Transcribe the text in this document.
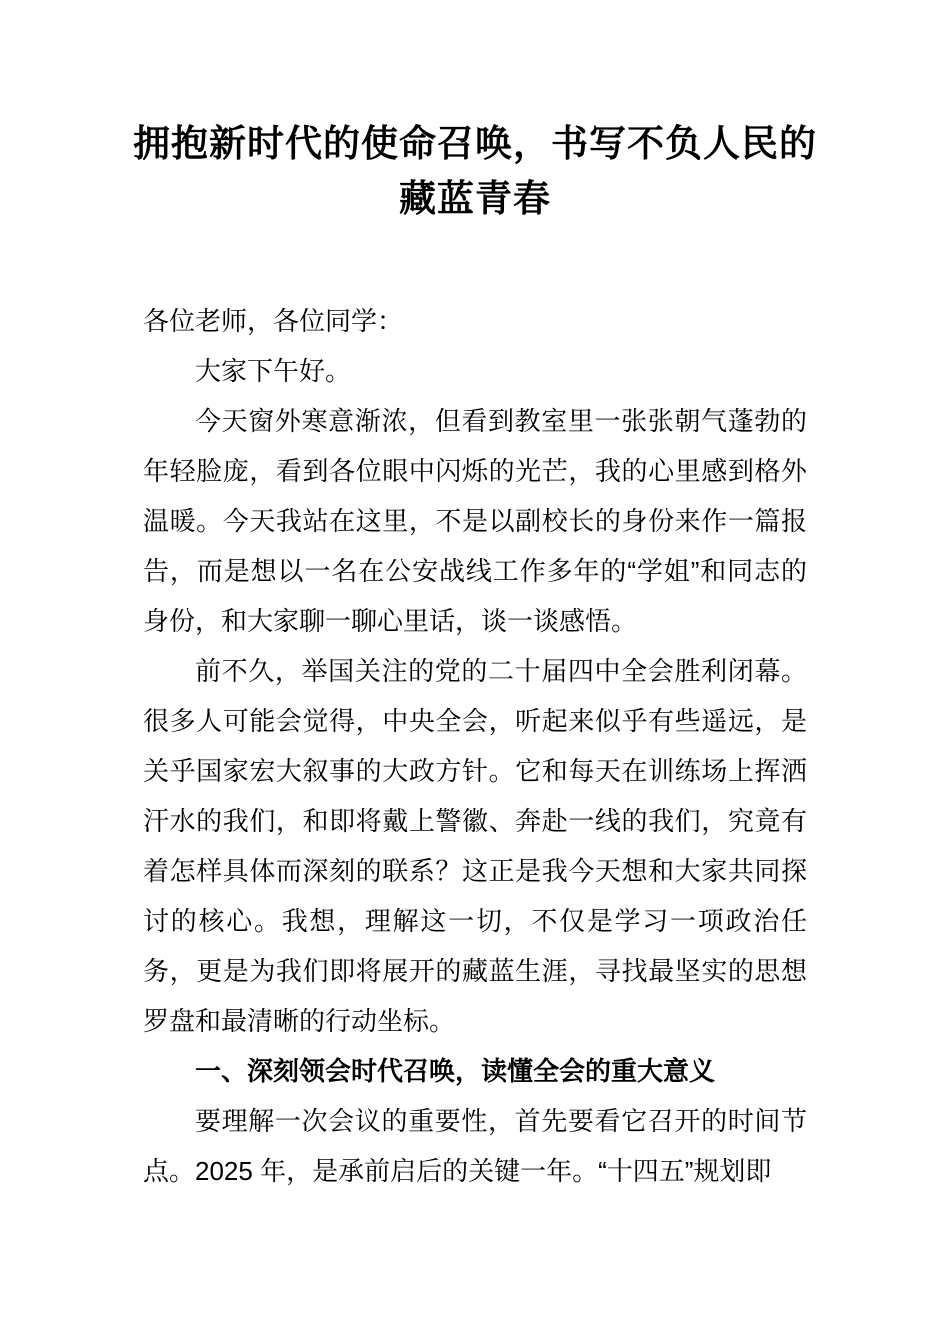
拥抱新时代的使命召唤，书写不负人民的藏蓝青春

各位老师，各位同学：

大家下午好。

今天窗外寒意渐浓，但看到教室里一张张朝气蓬勃的年轻脸庞，看到各位眼中闪烁的光芒，我的心里感到格外温暖。今天我站在这里，不是以副校长的身份来作一篇报告，而是想以一名在公安战线工作多年的“学姐”和同志的身份，和大家聊一聊心里话，谈一谈感悟。

前不久，举国关注的党的二十届四中全会胜利闭幕。很多人可能会觉得，中央全会，听起来似乎有些遥远，是关乎国家宏大叙事的大政方针。它和每天在训练场上挥洒汗水的我们，和即将戴上警徽、奔赴一线的我们，究竟有着怎样具体而深刻的联系？这正是我今天想和大家共同探讨的核心。我想，理解这一切，不仅是学习一项政治任务，更是为我们即将展开的藏蓝生涯，寻找最坚实的思想罗盘和最清晰的行动坐标。

一、深刻领会时代召唤，读懂全会的重大意义

要理解一次会议的重要性，首先要看它召开的时间节点。2025 年，是承前启后的关键一年。“十四五”规划即
